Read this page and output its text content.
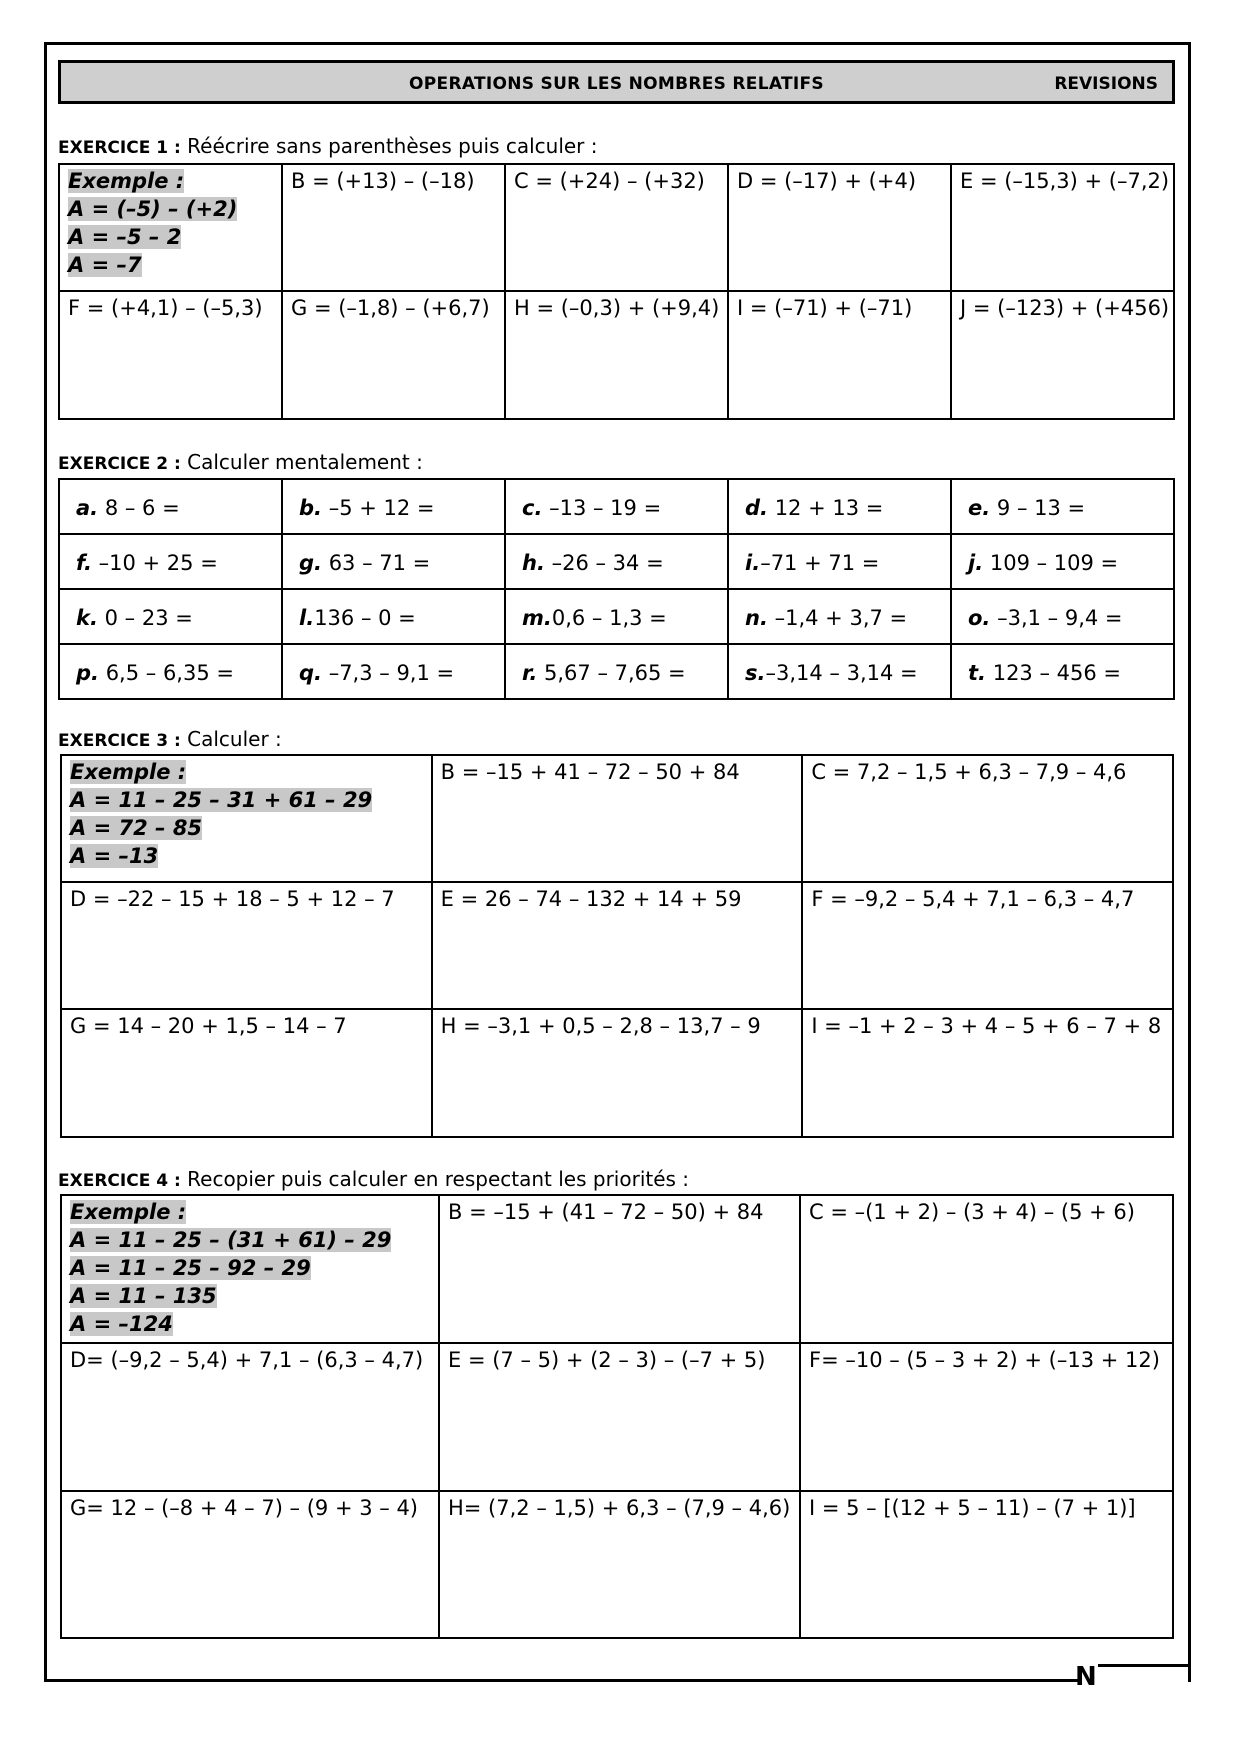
N
OPERATIONS SUR LES NOMBRES RELATIFS	REVISIONS
EXERCICE 1 : Réécrire sans parenthèses puis calculer :
Exemple :
A = (–5) – (+2)
A = –5 – 2
A = –7	B = (+13) – (–18)	C = (+24) – (+32)	D = (–17) + (+4)	E = (–15,3) + (–7,2)
F = (+4,1) – (–5,3)	G = (–1,8) – (+6,7)	H = (–0,3) + (+9,4)	I = (–71) + (–71)	J = (–123) + (+456)
EXERCICE 2 : Calculer mentalement :
a. 8 – 6 =	b. –5 + 12 =	c. –13 – 19 =	d. 12 + 13 =	e. 9 – 13 =
f. –10 + 25 =	g. 63 – 71 =	h. –26 – 34 =	i.–71 + 71 =	j. 109 – 109 =
k. 0 – 23 =	l.136 – 0 =	m.0,6 – 1,3 =	n. –1,4 + 3,7 =	o. –3,1 – 9,4 =
p. 6,5 – 6,35 =	q. –7,3 – 9,1 =	r. 5,67 – 7,65 =	s.–3,14 – 3,14 =	t. 123 – 456 =
EXERCICE 3 : Calculer :
Exemple :
A = 11 – 25 – 31 + 61 – 29
A = 72 – 85
A = –13	B = –15 + 41 – 72 – 50 + 84	C = 7,2 – 1,5 + 6,3 – 7,9 – 4,6
D = –22 – 15 + 18 – 5 + 12 – 7	E = 26 – 74 – 132 + 14 + 59	F = –9,2 – 5,4 + 7,1 – 6,3 – 4,7
G = 14 – 20 + 1,5 – 14 – 7	H = –3,1 + 0,5 – 2,8 – 13,7 – 9	I = –1 + 2 – 3 + 4 – 5 + 6 – 7 + 8
EXERCICE 4 : Recopier puis calculer en respectant les priorités :
Exemple :
A = 11 – 25 – (31 + 61) – 29
A = 11 – 25 – 92 – 29
A = 11 – 135
A = –124	B = –15 + (41 – 72 – 50) + 84	C = –(1 + 2) – (3 + 4) – (5 + 6)
D= (–9,2 – 5,4) + 7,1 – (6,3 – 4,7)	E = (7 – 5) + (2 – 3) – (–7 + 5)	F= –10 – (5 – 3 + 2) + (–13 + 12)
G= 12 – (–8 + 4 – 7) – (9 + 3 – 4)	H= (7,2 – 1,5) + 6,3 – (7,9 – 4,6)	I = 5 – [(12 + 5 – 11) – (7 + 1)]
